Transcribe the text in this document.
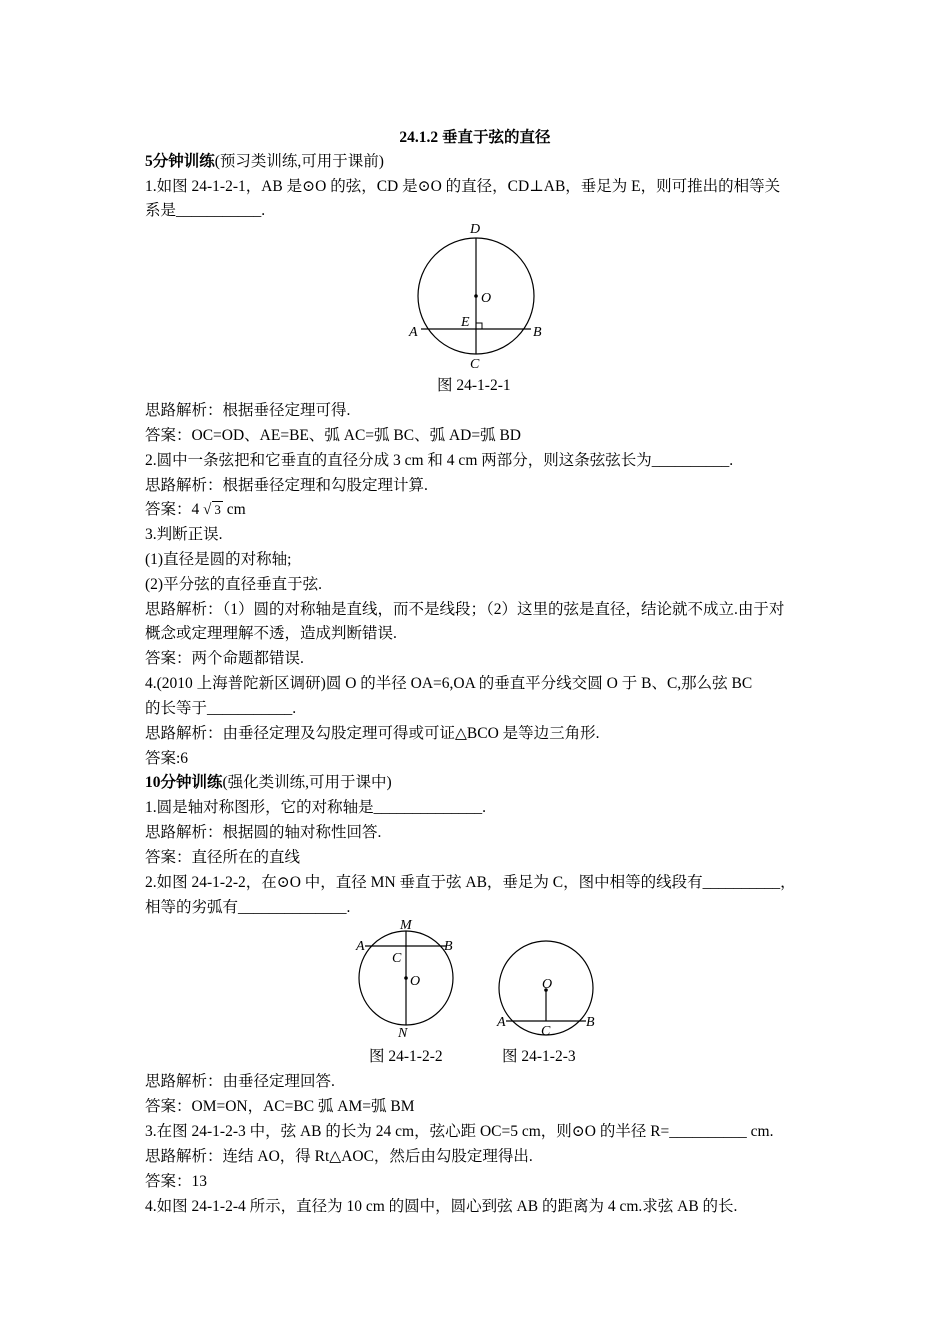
24.1.2 垂直于弦的直径
5分钟训练(预习类训练,可用于课前)
1.如图 24-1-2-1，AB 是⊙O 的弦，CD 是⊙O 的直径，CD⊥AB，垂足为 E，则可推出的相等关
系是___________.
D
O
E
A	B
C
图 24-1-2-1
思路解析：根据垂径定理可得.
答案：OC=OD、AE=BE、弧 AC=弧 BC、弧 AD=弧 BD
2.圆中一条弦把和它垂直的直径分成 3 cm 和 4 cm 两部分，则这条弦弦长为__________.
思路解析：根据垂径定理和勾股定理计算.
答案：4 √ 3 cm
3.判断正误.
(1)直径是圆的对称轴;
(2)平分弦的直径垂直于弦.
思路解析：（1）圆的对称轴是直线，而不是线段；（2）这里的弦是直径，结论就不成立.由于对
概念或定理理解不透，造成判断错误.
答案：两个命题都错误.
4.(2010 上海普陀新区调研)圆 O 的半径 OA=6,OA 的垂直平分线交圆 O 于 B、C,那么弦 BC
的长等于___________.
思路解析：由垂径定理及勾股定理可得或可证△BCO 是等边三角形.
答案:6
10分钟训练(强化类训练,可用于课中)
1.圆是轴对称图形，它的对称轴是______________.
思路解析：根据圆的轴对称性回答.
答案：直径所在的直线
2.如图 24-1-2-2，在⊙O 中，直径 MN 垂直于弦 AB，垂足为 C，图中相等的线段有__________，
相等的劣弧有______________.
M
A	B
C
O
N
O
A
C
B
图 24-1-2-2	图 24-1-2-3
思路解析：由垂径定理回答.
答案：OM=ON，AC=BC 弧 AM=弧 BM
3.在图 24-1-2-3 中，弦 AB 的长为 24 cm，弦心距 OC=5 cm，则⊙O 的半径 R=__________ cm.
思路解析：连结 AO，得 Rt△AOC，然后由勾股定理得出.
答案：13
4.如图 24-1-2-4 所示，直径为 10 cm 的圆中，圆心到弦 AB 的距离为 4 cm.求弦 AB 的长.
